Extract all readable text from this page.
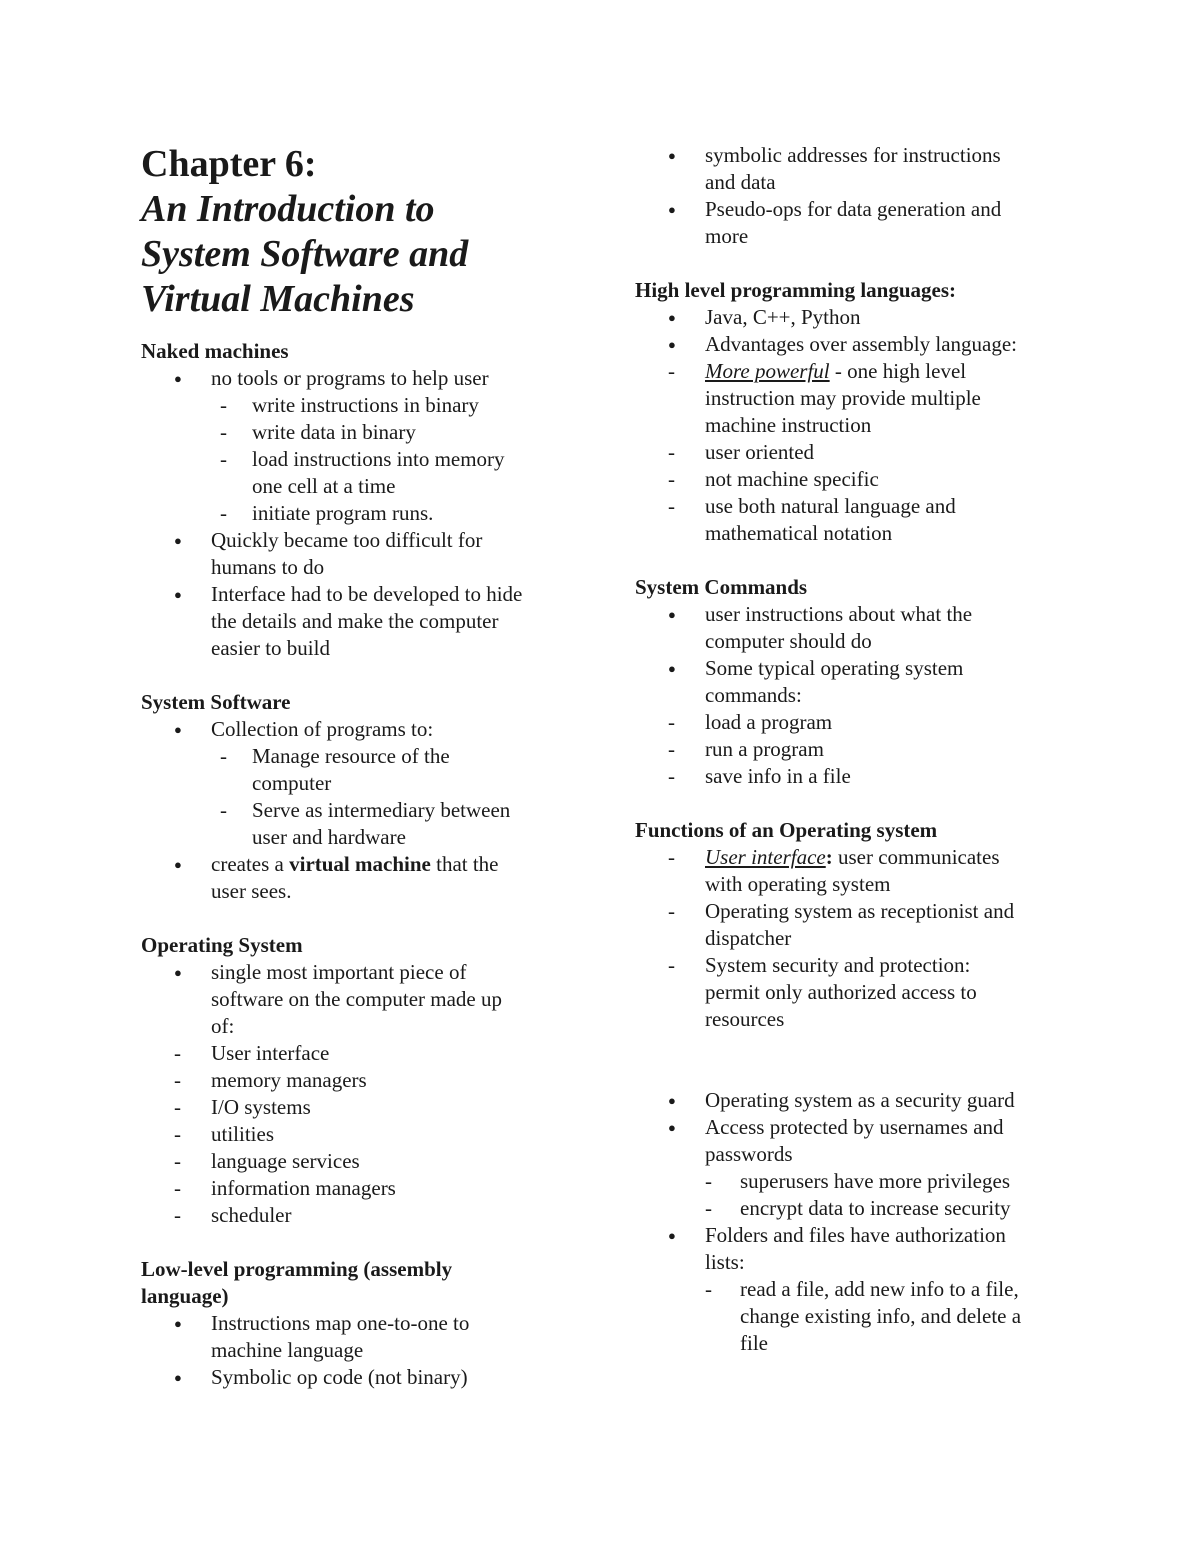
Chapter 6:
An Introduction to
System Software and
Virtual Machines

Naked machines

● no tools or programs to help user

- write instructions in binary

- write data in binary

- load instructions into memory
one cell at a time

- initiate program runs.

● Quickly became too difficult for
humans to do

● Interface had to be developed to hide
the details and make the computer
easier to build

System Software

● Collection of programs to:

- Manage resource of the
computer

- Serve as intermediary between
user and hardware

● creates a virtual machine that the
user sees.

Operating System

● single most important piece of
software on the computer made up
of:

- User interface

- memory managers

- I/O systems

- utilities

- language services

- information managers

- scheduler

Low-level programming (assembly
language)

● Instructions map one-to-one to
machine language

● Symbolic op code (not binary)

● symbolic addresses for instructions
and data

● Pseudo-ops for data generation and
more

High level programming languages:

● Java, C++, Python

● Advantages over assembly language:

- More powerful - one high level
instruction may provide multiple
machine instruction

- user oriented

- not machine specific

- use both natural language and
mathematical notation

System Commands

● user instructions about what the
computer should do

● Some typical operating system
commands:

- load a program

- run a program

- save info in a file

Functions of an Operating system

- User interface: user communicates
with operating system

- Operating system as receptionist and
dispatcher

- System security and protection:
permit only authorized access to
resources

● Operating system as a security guard

● Access protected by usernames and
passwords

- superusers have more privileges

- encrypt data to increase security

● Folders and files have authorization
lists:

- read a file, add new info to a file,
change existing info, and delete a
file
